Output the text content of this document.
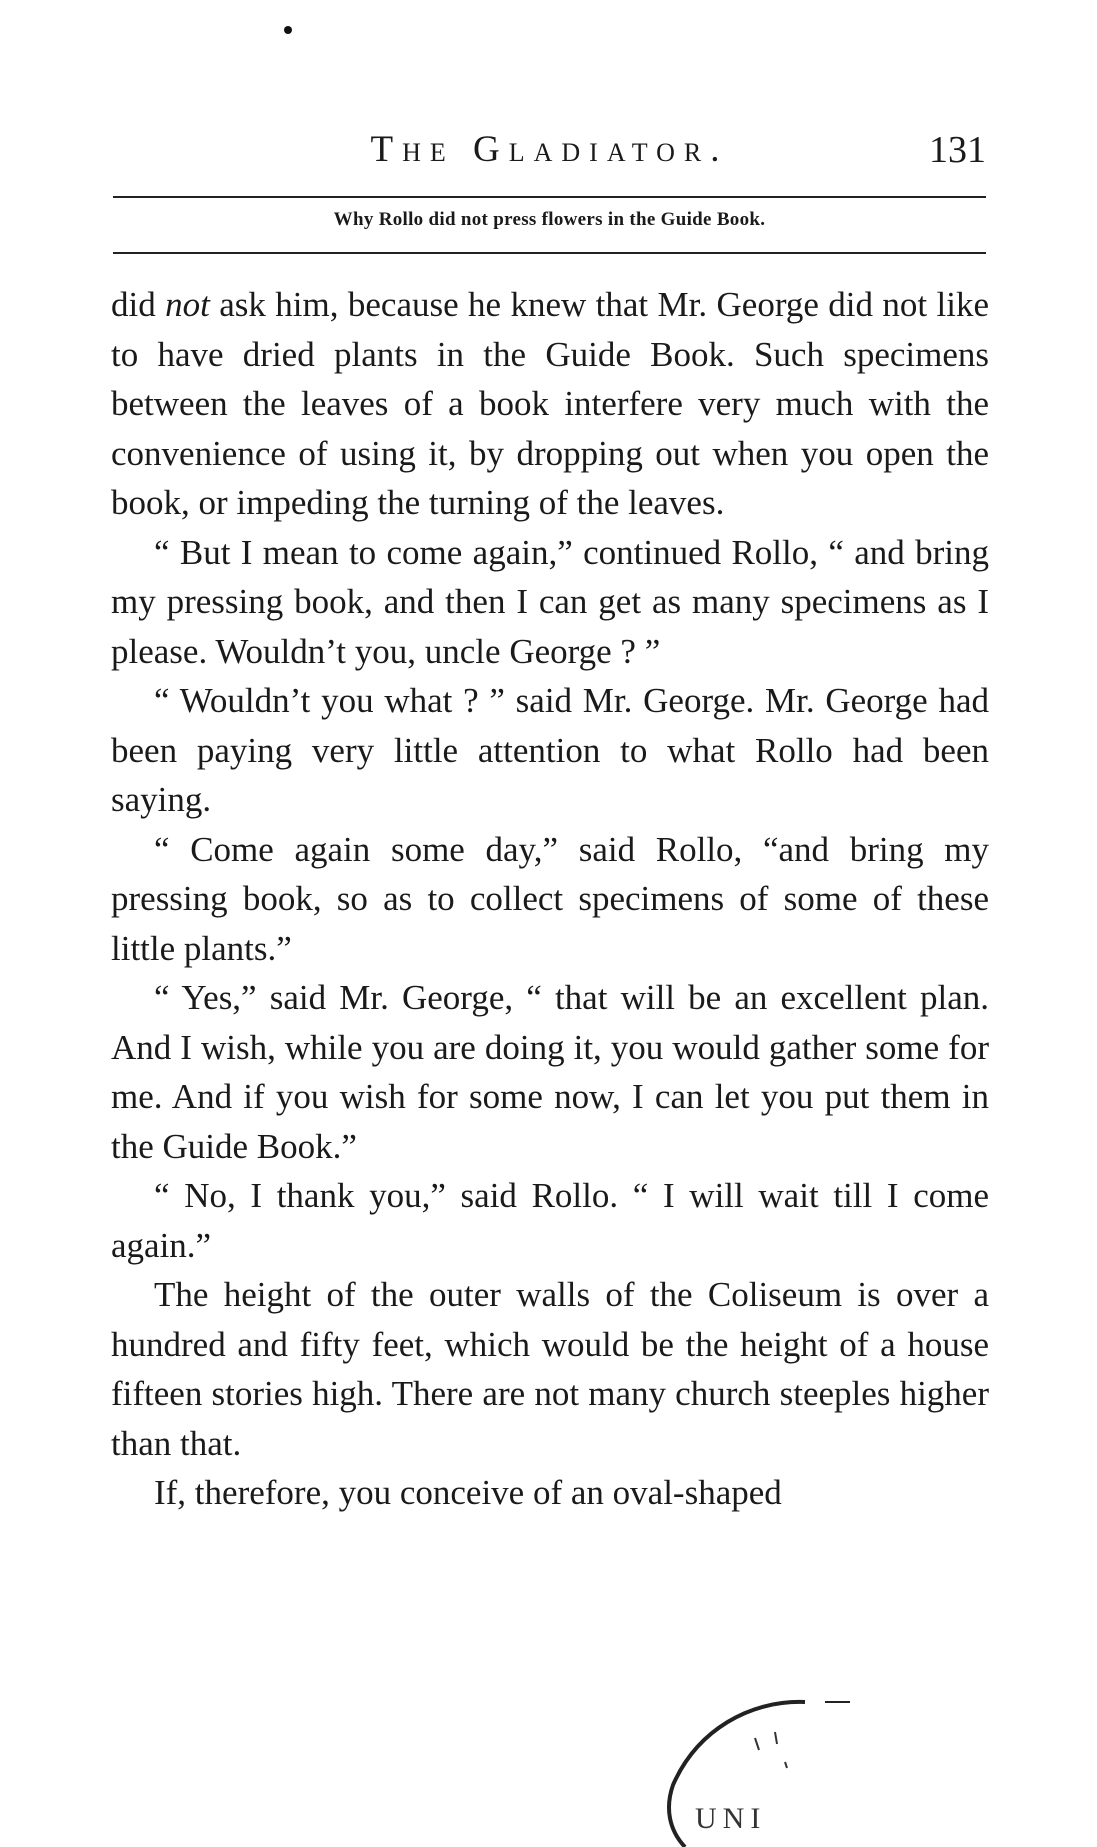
The Gladiator.	131
Why Rollo did not press flowers in the Guide Book.

did not ask him, because he knew that Mr. George did not like to have dried plants in the Guide Book. Such specimens between the leaves of a book interfere very much with the convenience of using it, by dropping out when you open the book, or impeding the turning of the leaves.

“ But I mean to come again,” continued Rollo, “ and bring my pressing book, and then I can get as many specimens as I please. Wouldn’t you, uncle George ? ”

“ Wouldn’t you what ? ” said Mr. George. Mr. George had been paying very little attention to what Rollo had been saying.

“ Come again some day,” said Rollo, “and bring my pressing book, so as to collect specimens of some of these little plants.”

“ Yes,” said Mr. George, “ that will be an excellent plan. And I wish, while you are doing it, you would gather some for me. And if you wish for some now, I can let you put them in the Guide Book.”

“ No, I thank you,” said Rollo. “ I will wait till I come again.”

The height of the outer walls of the Coliseum is over a hundred and fifty feet, which would be the height of a house fifteen stories high. There are not many church steeples higher than that.

If, therefore, you conceive of an oval-shaped

UNI
